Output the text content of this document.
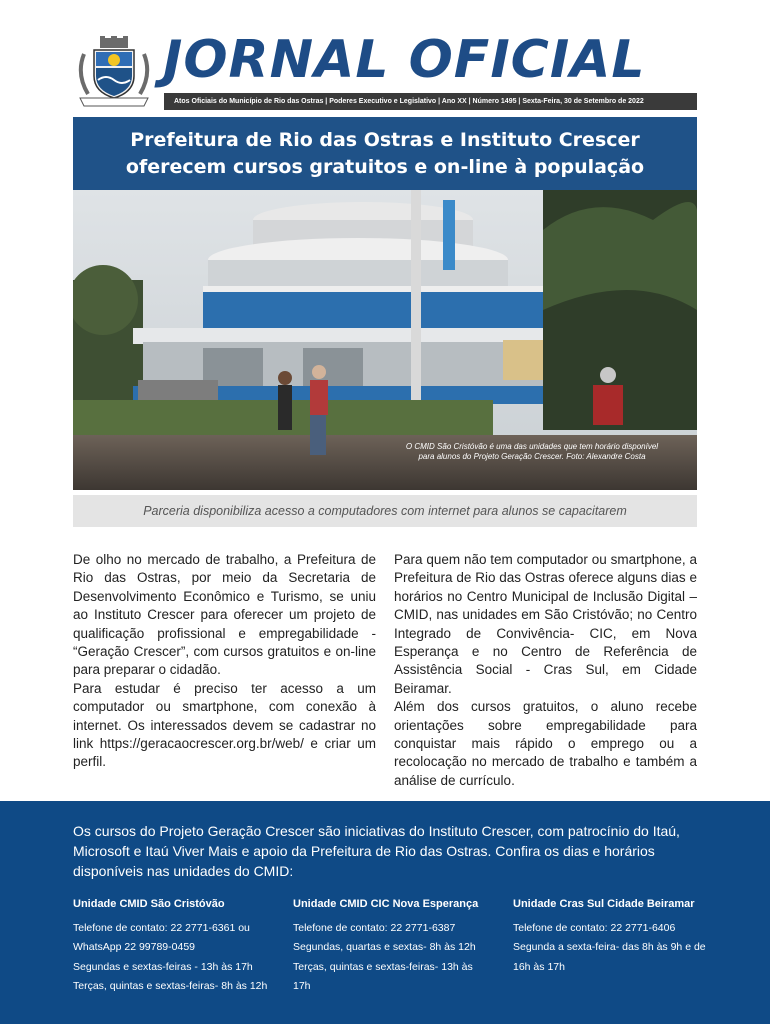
JORNAL OFICIAL
Atos Oficiais do Município de Rio das Ostras | Poderes Executivo e Legislativo | Ano XX | Número 1495 | Sexta-Feira, 30 de Setembro de 2022
Prefeitura de Rio das Ostras e Instituto Crescer
oferecem cursos gratuitos e on-line à população
O CMID São Cristóvão é uma das unidades que tem horário disponível
para alunos do Projeto Geração Crescer. Foto: Alexandre Costa
Parceria disponibiliza acesso a computadores com internet para alunos se capacitarem

De olho no mercado de trabalho, a Prefeitura de Rio das Ostras, por meio da Secretaria de Desenvolvimento Econômico e Turismo, se uniu ao Instituto Crescer para oferecer um projeto de qualificação profissional e empregabilidade - “Geração Crescer”, com cursos gratuitos e on-line para preparar o cidadão.

Para estudar é preciso ter acesso a um computador ou smartphone, com conexão à internet. Os interessados devem se cadastrar no link https://geracaocrescer.org.br/web/ e criar um perfil.

Para quem não tem computador ou smartphone, a Prefeitura de Rio das Ostras oferece alguns dias e horários no Centro Municipal de Inclusão Digital – CMID, nas unidades em São Cristóvão; no Centro Integrado de Convivência- CIC, em Nova Esperança e no Centro de Referência de Assistência Social - Cras Sul, em Cidade Beiramar.

Além dos cursos gratuitos, o aluno recebe orientações sobre empregabilidade para conquistar mais rápido o emprego ou a recolocação no mercado de trabalho e também a análise de currículo.

Os cursos do Projeto Geração Crescer são iniciativas do Instituto Crescer, com patrocínio do Itaú, Microsoft e Itaú Viver Mais e apoio da Prefeitura de Rio das Ostras. Confira os dias e horários disponíveis nas unidades do CMID:
Unidade CMID São Cristóvão
Telefone de contato: 22 2771-6361 ou
WhatsApp 22 99789-0459
Segundas e sextas-feiras - 13h às 17h
Terças, quintas e sextas-feiras- 8h às 12h
Unidade CMID CIC Nova Esperança
Telefone de contato: 22 2771-6387
Segundas, quartas e sextas- 8h às 12h
Terças, quintas e sextas-feiras- 13h às 17h
Unidade Cras Sul Cidade Beiramar
Telefone de contato: 22 2771-6406
Segunda a sexta-feira- das 8h às 9h e de
16h às 17h
